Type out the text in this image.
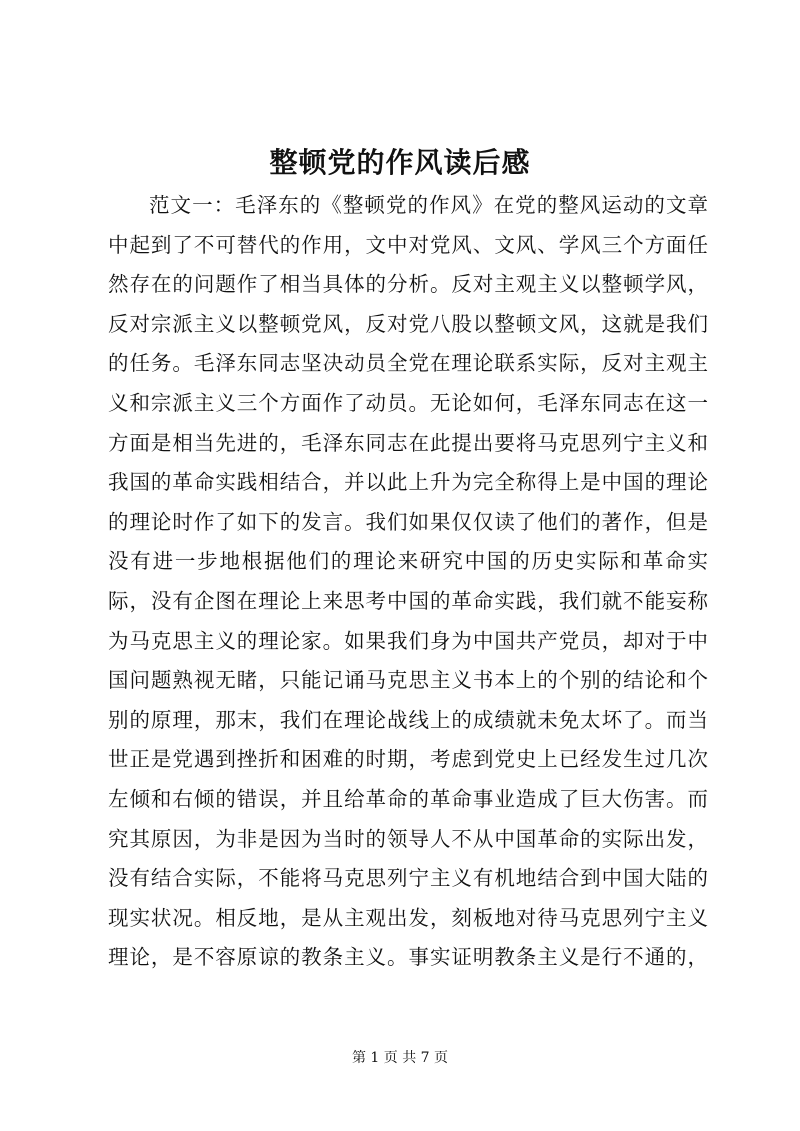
整顿党的作风读后感
范文一：毛泽东的《整顿党的作风》在党的整风运动的文章
中起到了不可替代的作用，文中对党风、文风、学风三个方面任
然存在的问题作了相当具体的分析。反对主观主义以整顿学风，
反对宗派主义以整顿党风，反对党八股以整顿文风，这就是我们
的任务。毛泽东同志坚决动员全党在理论联系实际，反对主观主
义和宗派主义三个方面作了动员。无论如何，毛泽东同志在这一
方面是相当先进的，毛泽东同志在此提出要将马克思列宁主义和
我国的革命实践相结合，并以此上升为完全称得上是中国的理论
的理论时作了如下的发言。我们如果仅仅读了他们的著作，但是
没有进一步地根据他们的理论来研究中国的历史实际和革命实
际，没有企图在理论上来思考中国的革命实践，我们就不能妄称
为马克思主义的理论家。如果我们身为中国共产党员，却对于中
国问题熟视无睹，只能记诵马克思主义书本上的个别的结论和个
别的原理，那末，我们在理论战线上的成绩就未免太坏了。而当
世正是党遇到挫折和困难的时期，考虑到党史上已经发生过几次
左倾和右倾的错误，并且给革命的革命事业造成了巨大伤害。而
究其原因，为非是因为当时的领导人不从中国革命的实际出发，
没有结合实际，不能将马克思列宁主义有机地结合到中国大陆的
现实状况。相反地，是从主观出发，刻板地对待马克思列宁主义
理论，是不容原谅的教条主义。事实证明教条主义是行不通的，
第 1 页 共 7 页
